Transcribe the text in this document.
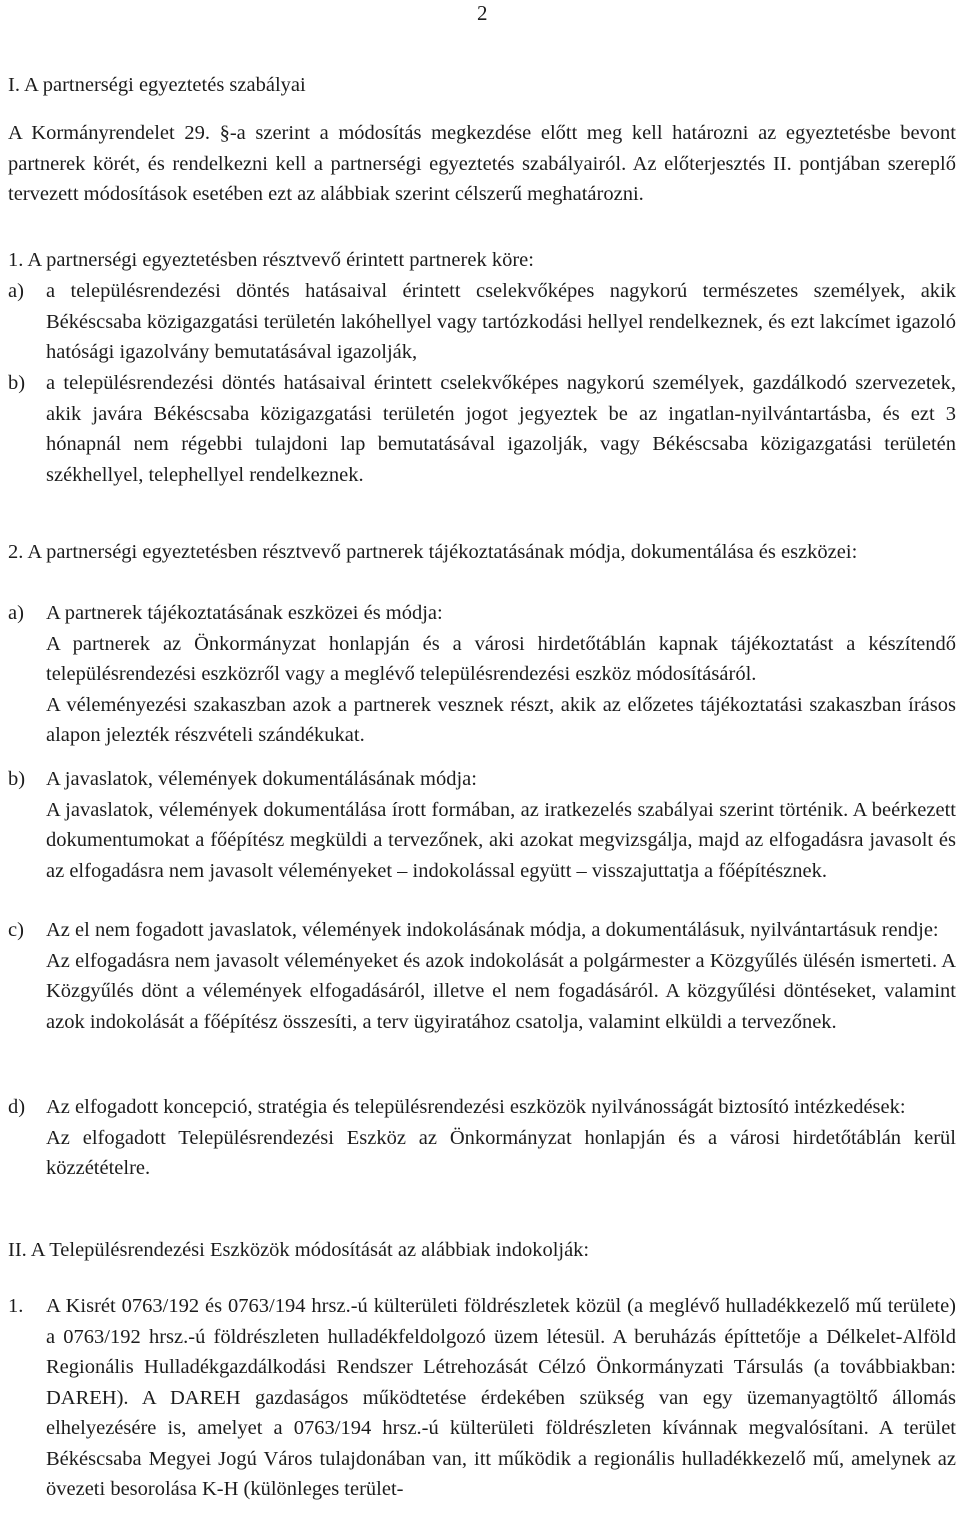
2
I. A partnerségi egyeztetés szabályai
A Kormányrendelet 29. §-a szerint a módosítás megkezdése előtt meg kell határozni az egyeztetésbe bevont partnerek körét, és rendelkezni kell a partnerségi egyeztetés szabályairól. Az előterjesztés II. pontjában szereplő tervezett módosítások esetében ezt az alábbiak szerint célszerű meghatározni.
1. A partnerségi egyeztetésben résztvevő érintett partnerek köre:
a) a településrendezési döntés hatásaival érintett cselekvőképes nagykorú természetes személyek, akik Békéscsaba közigazgatási területén lakóhellyel vagy tartózkodási hellyel rendelkeznek, és ezt lakcímet igazoló hatósági igazolvány bemutatásával igazolják,
b) a településrendezési döntés hatásaival érintett cselekvőképes nagykorú személyek, gazdálkodó szervezetek, akik javára Békéscsaba közigazgatási területén jogot jegyeztek be az ingatlan-nyilvántartásba, és ezt 3 hónapnál nem régebbi tulajdoni lap bemutatásával igazolják, vagy Békéscsaba közigazgatási területén székhellyel, telephellyel rendelkeznek.
2. A partnerségi egyeztetésben résztvevő partnerek tájékoztatásának módja, dokumentálása és eszközei:
a) A partnerek tájékoztatásának eszközei és módja:

A partnerek az Önkormányzat honlapján és a városi hirdetőtáblán kapnak tájékoztatást a készítendő településrendezési eszközről vagy a meglévő településrendezési eszköz módosításáról.

A véleményezési szakaszban azok a partnerek vesznek részt, akik az előzetes tájékoztatási szakaszban írásos alapon jelezték részvételi szándékukat.

b) A javaslatok, vélemények dokumentálásának módja:

A javaslatok, vélemények dokumentálása írott formában, az iratkezelés szabályai szerint történik. A beérkezett dokumentumokat a főépítész megküldi a tervezőnek, aki azokat megvizsgálja, majd az elfogadásra javasolt és az elfogadásra nem javasolt véleményeket – indokolással együtt – visszajuttatja a főépítésznek.

c) Az el nem fogadott javaslatok, vélemények indokolásának módja, a dokumentálásuk, nyilvántartásuk rendje:

Az elfogadásra nem javasolt véleményeket és azok indokolását a polgármester a Közgyűlés ülésén ismerteti. A Közgyűlés dönt a vélemények elfogadásáról, illetve el nem fogadásáról. A közgyűlési döntéseket, valamint azok indokolását a főépítész összesíti, a terv ügyiratához csatolja, valamint elküldi a tervezőnek.

d) Az elfogadott koncepció, stratégia és településrendezési eszközök nyilvánosságát biztosító intézkedések:

Az elfogadott Településrendezési Eszköz az Önkormányzat honlapján és a városi hirdetőtáblán kerül közzétételre.

II. A Településrendezési Eszközök módosítását az alábbiak indokolják:
1. A Kisrét 0763/192 és 0763/194 hrsz.-ú külterületi földrészletek közül (a meglévő hulladékkezelő mű területe) a 0763/192 hrsz.-ú földrészleten hulladékfeldolgozó üzem létesül. A beruházás építtetője a Délkelet-Alföld Regionális Hulladékgazdálkodási Rendszer Létrehozását Célzó Önkormányzati Társulás (a továbbiakban: DAREH). A DAREH gazdaságos működtetése érdekében szükség van egy üzemanyagtöltő állomás elhelyezésére is, amelyet a 0763/194 hrsz.-ú külterületi földrészleten kívánnak megvalósítani. A terület Békéscsaba Megyei Jogú Város tulajdonában van, itt működik a regionális hulladékkezelő mű, amelynek az övezeti besorolása K-H (különleges terület-
